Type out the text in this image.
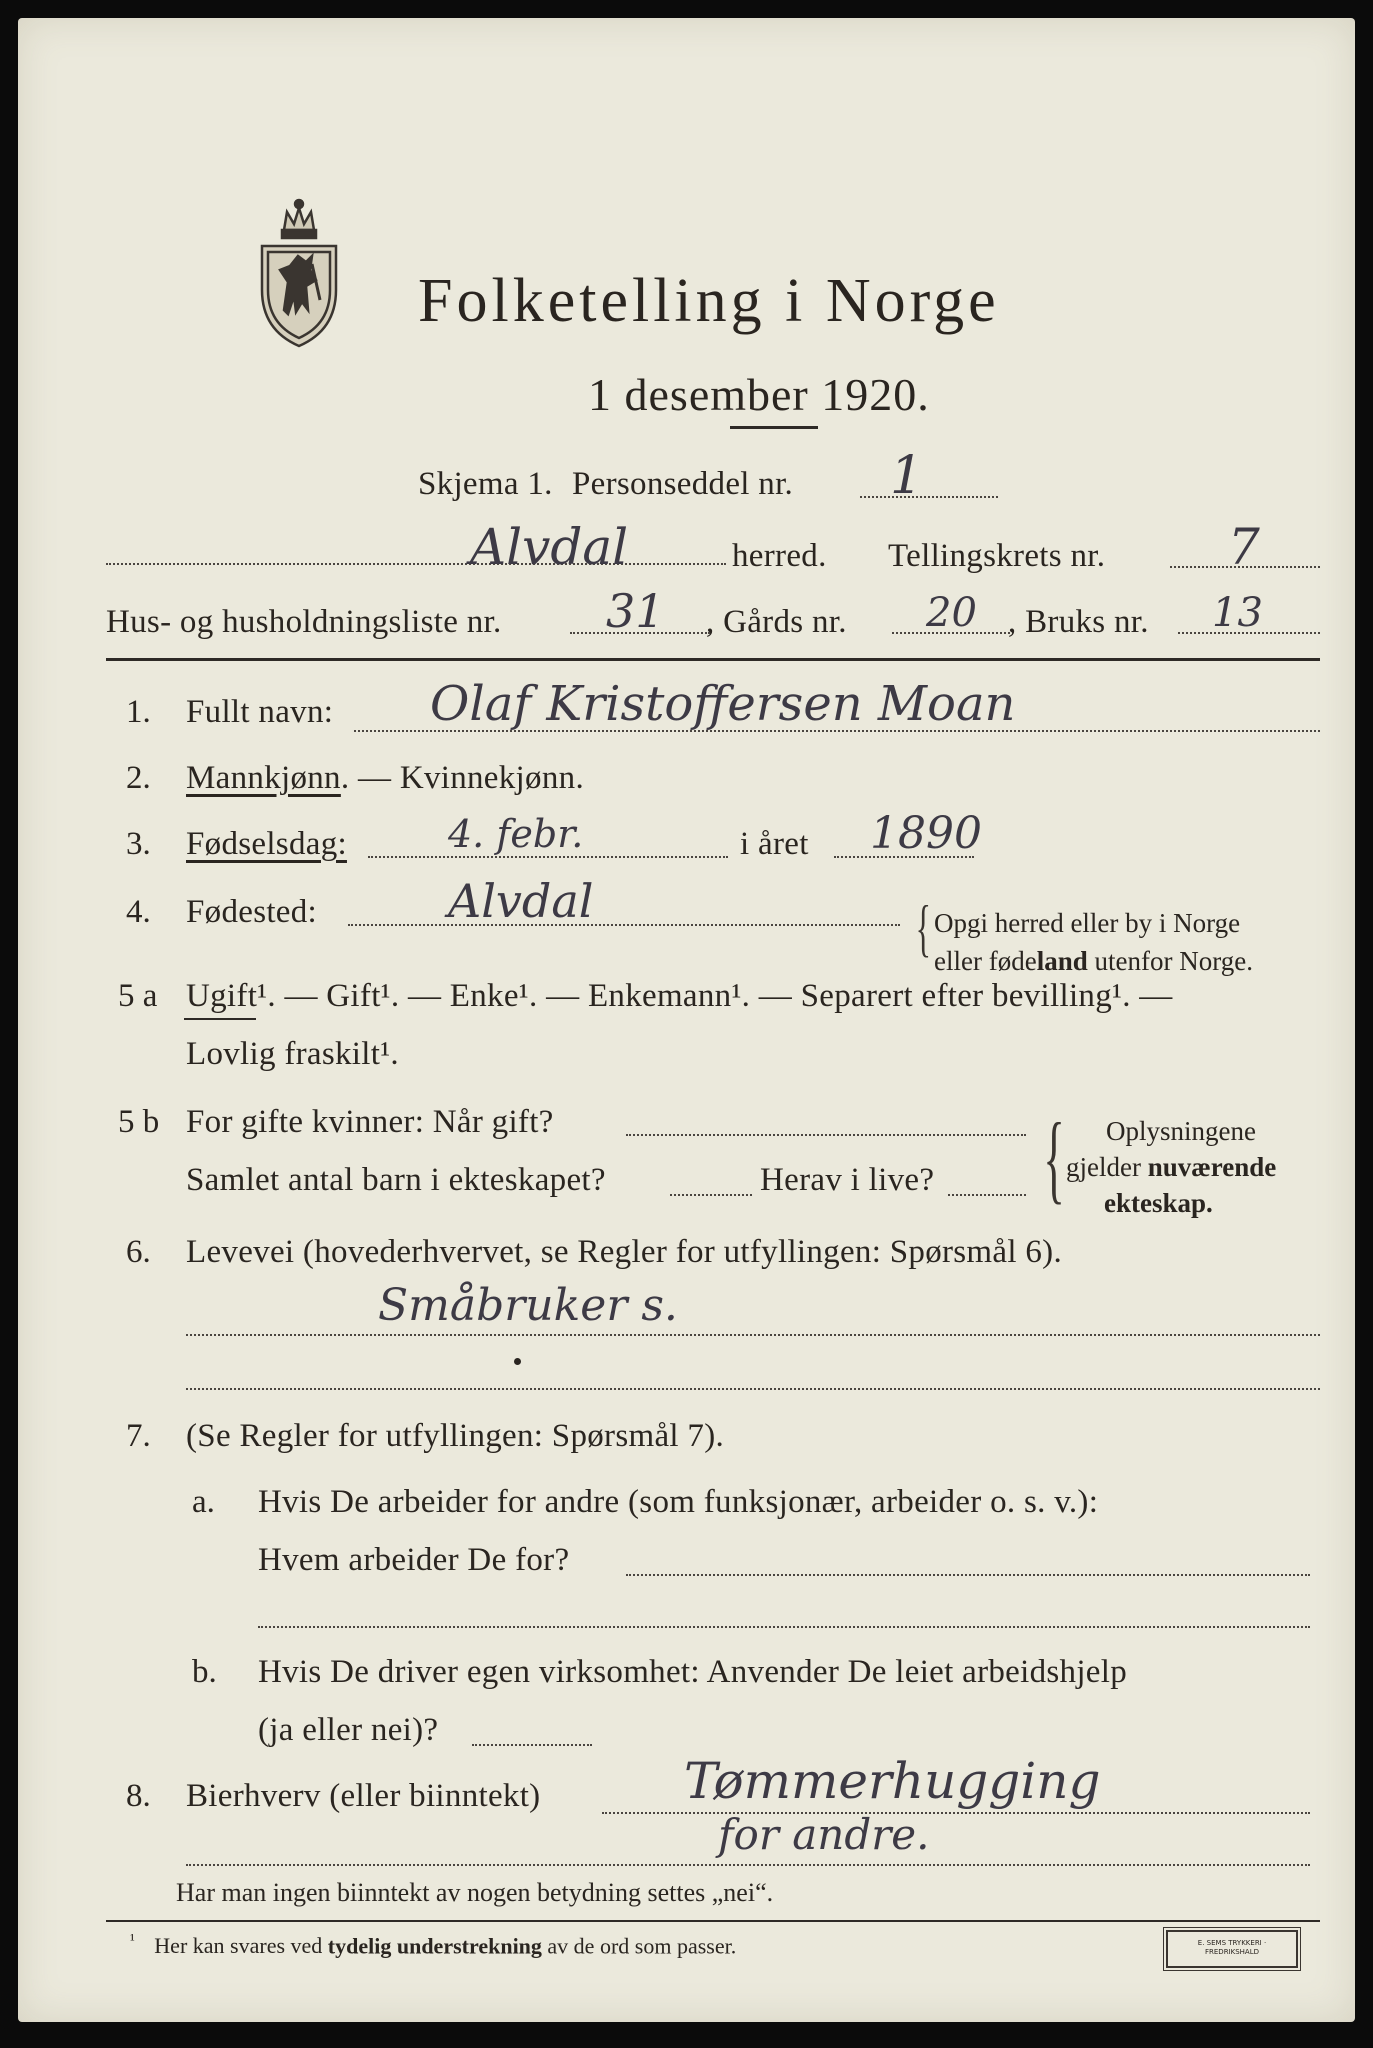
Folketelling i Norge
1 desember 1920.
Skjema 1. Personseddel nr. 1
Alvdal	herred. Tellingskrets nr. 7
Hus- og husholdningsliste nr. 31 , Gårds nr. 20 , Bruks nr. 13
1. Fullt navn: Olaf Kristoffersen Moan
2. Mannkjønn. — Kvinnekjønn.
3. Fødselsdag:	4. febr.	i året 1890
4. Fødested:	Alvdal	{ Opgi herred eller by i Norge
eller fødeland utenfor Norge.
5 a Ugift¹. — Gift¹. — Enke¹. — Enkemann¹. — Separert efter bevilling¹. —
Lovlig fraskilt¹.
5 b For gifte kvinner: Når gift?
Samlet antal barn i ekteskapet?	Herav i live? { Oplysningene
gjelder nuværende
ekteskap.
6. Levevei (hovederhvervet, se Regler for utfyllingen: Spørsmål 6).
Småbruker s.
7. (Se Regler for utfyllingen: Spørsmål 7).
a. Hvis De arbeider for andre (som funksjonær, arbeider o. s. v.):
Hvem arbeider De for?
b. Hvis De driver egen virksomhet: Anvender De leiet arbeidshjelp
(ja eller nei)?
8. Bierhverv (eller biinntekt)	Tømmerhugging
for andre.
Har man ingen biinntekt av nogen betydning settes „nei“.
$^{^1}$ Her kan svares ved tydelig understrekning av de ord som passer.	E. SEMS TRYKKERI · FREDRIKSHALD
